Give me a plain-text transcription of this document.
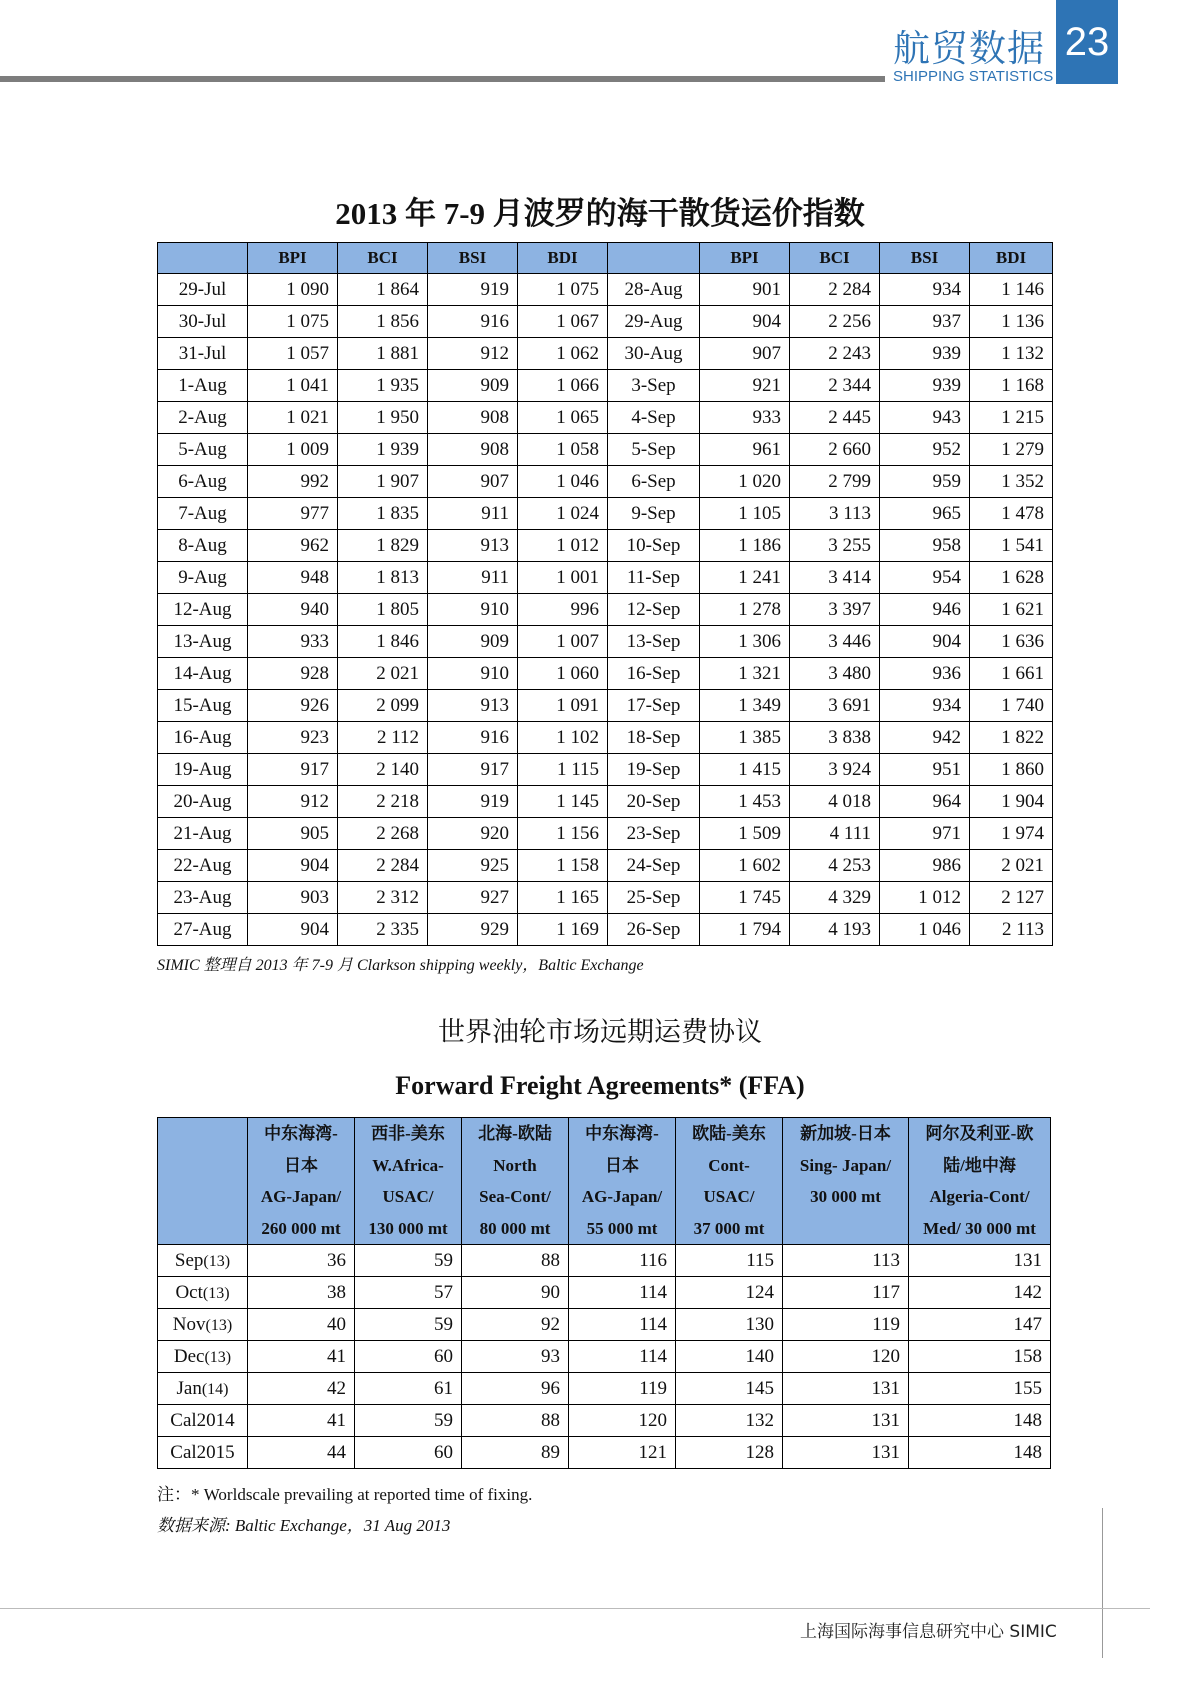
航贸数据
SHIPPING STATISTICS
23
2013 年 7-9 月波罗的海干散货运价指数
	BPI	BCI	BSI	BDI		BPI	BCI	BSI	BDI
29-Jul	1 090	1 864	919	1 075	28-Aug	901	2 284	934	1 146
30-Jul	1 075	1 856	916	1 067	29-Aug	904	2 256	937	1 136
31-Jul	1 057	1 881	912	1 062	30-Aug	907	2 243	939	1 132
1-Aug	1 041	1 935	909	1 066	3-Sep	921	2 344	939	1 168
2-Aug	1 021	1 950	908	1 065	4-Sep	933	2 445	943	1 215
5-Aug	1 009	1 939	908	1 058	5-Sep	961	2 660	952	1 279
6-Aug	992	1 907	907	1 046	6-Sep	1 020	2 799	959	1 352
7-Aug	977	1 835	911	1 024	9-Sep	1 105	3 113	965	1 478
8-Aug	962	1 829	913	1 012	10-Sep	1 186	3 255	958	1 541
9-Aug	948	1 813	911	1 001	11-Sep	1 241	3 414	954	1 628
12-Aug	940	1 805	910	996	12-Sep	1 278	3 397	946	1 621
13-Aug	933	1 846	909	1 007	13-Sep	1 306	3 446	904	1 636
14-Aug	928	2 021	910	1 060	16-Sep	1 321	3 480	936	1 661
15-Aug	926	2 099	913	1 091	17-Sep	1 349	3 691	934	1 740
16-Aug	923	2 112	916	1 102	18-Sep	1 385	3 838	942	1 822
19-Aug	917	2 140	917	1 115	19-Sep	1 415	3 924	951	1 860
20-Aug	912	2 218	919	1 145	20-Sep	1 453	4 018	964	1 904
21-Aug	905	2 268	920	1 156	23-Sep	1 509	4 111	971	1 974
22-Aug	904	2 284	925	1 158	24-Sep	1 602	4 253	986	2 021
23-Aug	903	2 312	927	1 165	25-Sep	1 745	4 329	1 012	2 127
27-Aug	904	2 335	929	1 169	26-Sep	1 794	4 193	1 046	2 113
SIMIC 整理自 2013 年 7-9 月 Clarkson shipping weekly，Baltic Exchange
世界油轮市场远期运费协议
Forward Freight Agreements* (FFA)

	中东海湾-
日本
AG-Japan/
260 000 mt	西非-美东
W.Africa-
USAC/
130 000 mt	北海-欧陆
North
Sea-Cont/
80 000 mt	中东海湾-
日本
AG-Japan/
55 000 mt	欧陆-美东
Cont-
USAC/
37 000 mt	新加坡-日本
Sing- Japan/
30 000 mt	阿尔及利亚-欧
陆/地中海
Algeria-Cont/
Med/ 30 000 mt

Sep(13)	36	59	88	116	115	113	131
Oct(13)	38	57	90	114	124	117	142
Nov(13)	40	59	92	114	130	119	147
Dec(13)	41	60	93	114	140	120	158
Jan(14)	42	61	96	119	145	131	155
Cal2014	41	59	88	120	132	131	148
Cal2015	44	60	89	121	128	131	148
注：* Worldscale prevailing at reported time of fixing.
数据来源: Baltic Exchange，31 Aug 2013
上海国际海事信息研究中心 SIMIC
